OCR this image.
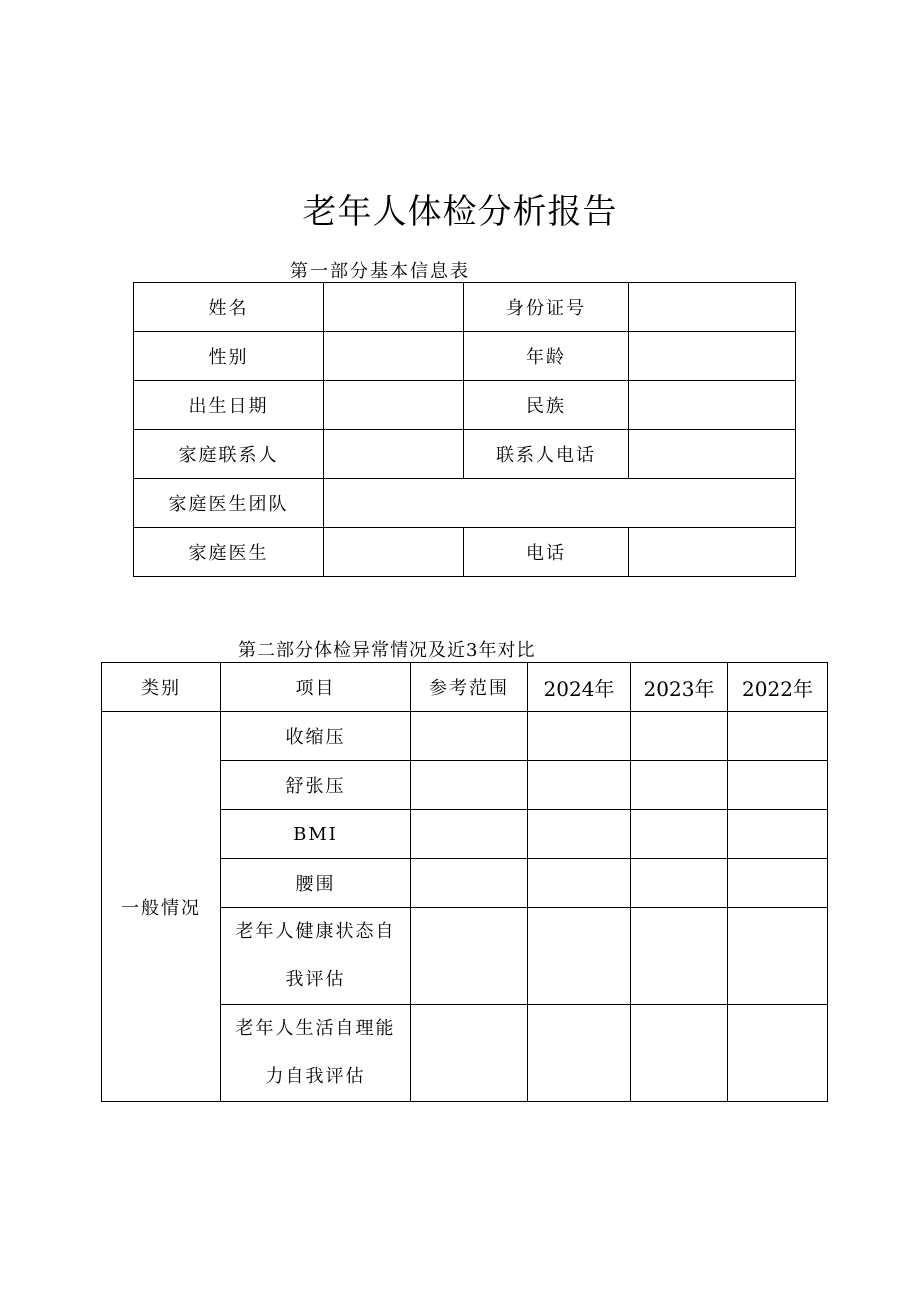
老年人体检分析报告
第一部分基本信息表
姓名		身份证号	
性别		年龄	
出生日期		民族	
家庭联系人		联系人电话	
家庭医生团队			
家庭医生		电话	
第二部分体检异常情况及近3年对比
类别	项目	参考范围	2024年	2023年	2022年
一般情况	收缩压				
	舒张压				
	BMI				
	腰围				

	老年人健康状态自我评估				

	老年人生活自理能力自我评估				
